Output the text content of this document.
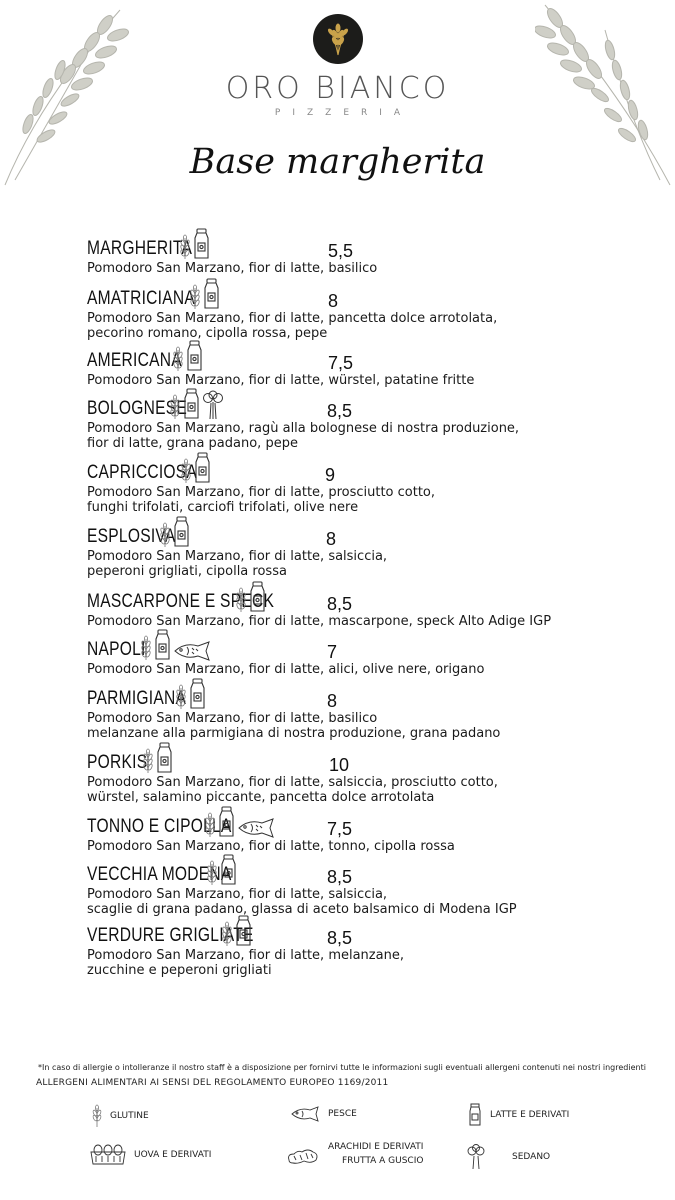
ORO BIANCO
PIZZERIA
Base margherita
MARGHERITA	5,5
Pomodoro San Marzano, fior di latte, basilico
AMATRICIANA	8
Pomodoro San Marzano, fior di latte, pancetta dolce arrotolata,
pecorino romano, cipolla rossa, pepe
AMERICANA	7,5
Pomodoro San Marzano, fior di latte, würstel, patatine fritte
BOLOGNESE	8,5
Pomodoro San Marzano, ragù alla bolognese di nostra produzione,
fior di latte, grana padano, pepe
CAPRICCIOSA	9
Pomodoro San Marzano, fior di latte, prosciutto cotto,
funghi trifolati, carciofi trifolati, olive nere
ESPLOSIVA	8
Pomodoro San Marzano, fior di latte, salsiccia,
peperoni grigliati, cipolla rossa
MASCARPONE E SPECK	8,5
Pomodoro San Marzano, fior di latte, mascarpone, speck Alto Adige IGP
NAPOLI	7
Pomodoro San Marzano, fior di latte, alici, olive nere, origano
PARMIGIANA	8
Pomodoro San Marzano, fior di latte, basilico
melanzane alla parmigiana di nostra produzione, grana padano
PORKIS	10
Pomodoro San Marzano, fior di latte, salsiccia, prosciutto cotto,
würstel, salamino piccante, pancetta dolce arrotolata
TONNO E CIPOLLA	7,5
Pomodoro San Marzano, fior di latte, tonno, cipolla rossa
VECCHIA MODENA	8,5
Pomodoro San Marzano, fior di latte, salsiccia,
scaglie di grana padano, glassa di aceto balsamico di Modena IGP
VERDURE GRIGLIATE	8,5
Pomodoro San Marzano, fior di latte, melanzane,
zucchine e peperoni grigliati
*In caso di allergie o intolleranze il nostro staff è a disposizione per fornirvi tutte le informazioni sugli eventuali allergeni contenuti nei nostri ingredienti
ALLERGENI ALIMENTARI AI SENSI DEL REGOLAMENTO EUROPEO 1169/2011
GLUTINE	PESCE	LATTE E DERIVATI
UOVA E DERIVATI
ARACHIDI E DERIVATI
FRUTTA A GUSCIO	SEDANO
